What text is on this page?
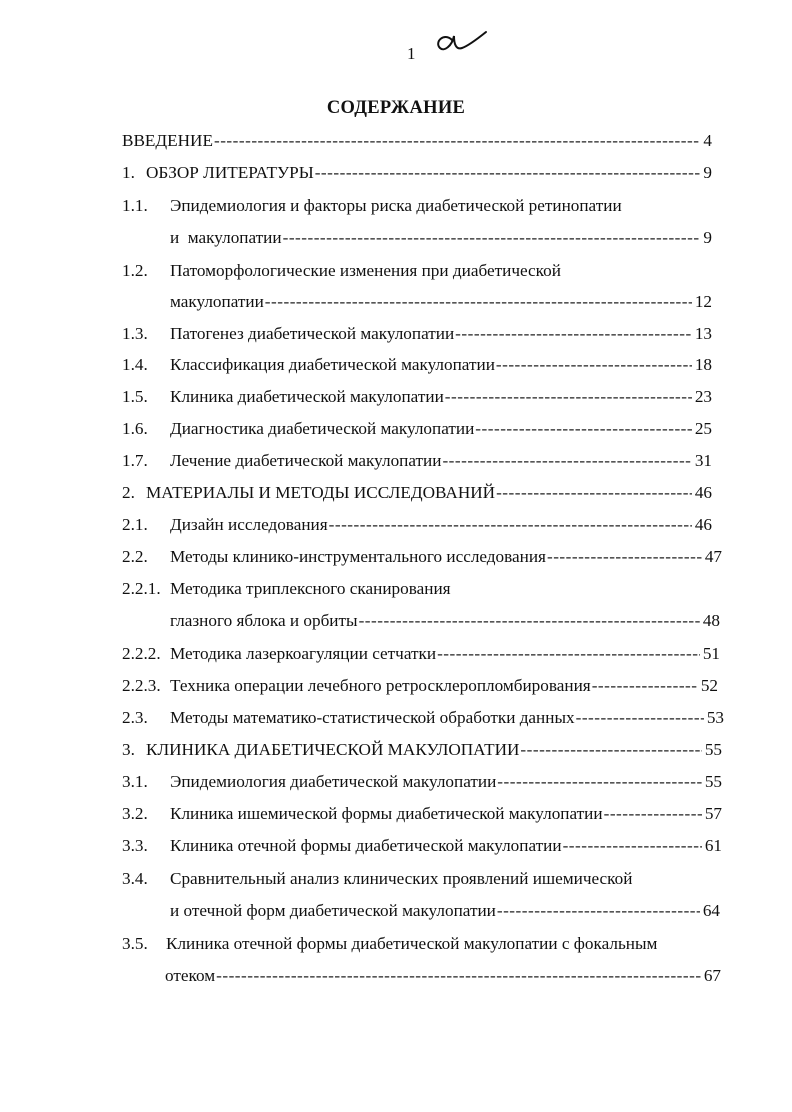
1
СОДЕРЖАНИЕ
ВВЕДЕНИЕ -----	4
1. ОБЗОР ЛИТЕРАТУРЫ -----	9
1.1.	Эпидемиология и факторы риска диабетической ретинопатии
и  макулопатии -----	9
1.2.	Патоморфологические изменения при диабетической
макулопатии -----	12
1.3.	Патогенез диабетической макулопатии -----	13
1.4.	Классификация диабетической макулопатии -----	18
1.5.	Клиника диабетической макулопатии -----	23
1.6.	Диагностика диабетической макулопатии -----	25
1.7.	Лечение диабетической макулопатии -----	31
2. МАТЕРИАЛЫ И МЕТОДЫ ИССЛЕДОВАНИЙ -----	46
2.1.	Дизайн исследования -----	46
2.2.	Методы клинико-инструментального исследования -----	47
2.2.1. Методика триплексного сканирования
глазного яблока и орбиты -----	48
2.2.2. Методика лазеркоагуляции сетчатки -----	51
2.2.3. Техника операции лечебного ретросклеропломбирования -----	52
2.3.	Методы математико-статистической обработки данных -----	53
3. КЛИНИКА ДИАБЕТИЧЕСКОЙ МАКУЛОПАТИИ -----	55
3.1.	Эпидемиология диабетической макулопатии -----	55
3.2.	Клиника ишемической формы диабетической макулопатии -----	57
3.3.	Клиника отечной формы диабетической макулопатии -----	61
3.4.	Сравнительный анализ клинических проявлений ишемической
и отечной форм диабетической макулопатии -----	64
3.5.	Клиника отечной формы диабетической макулопатии с фокальным
отеком -----	67
